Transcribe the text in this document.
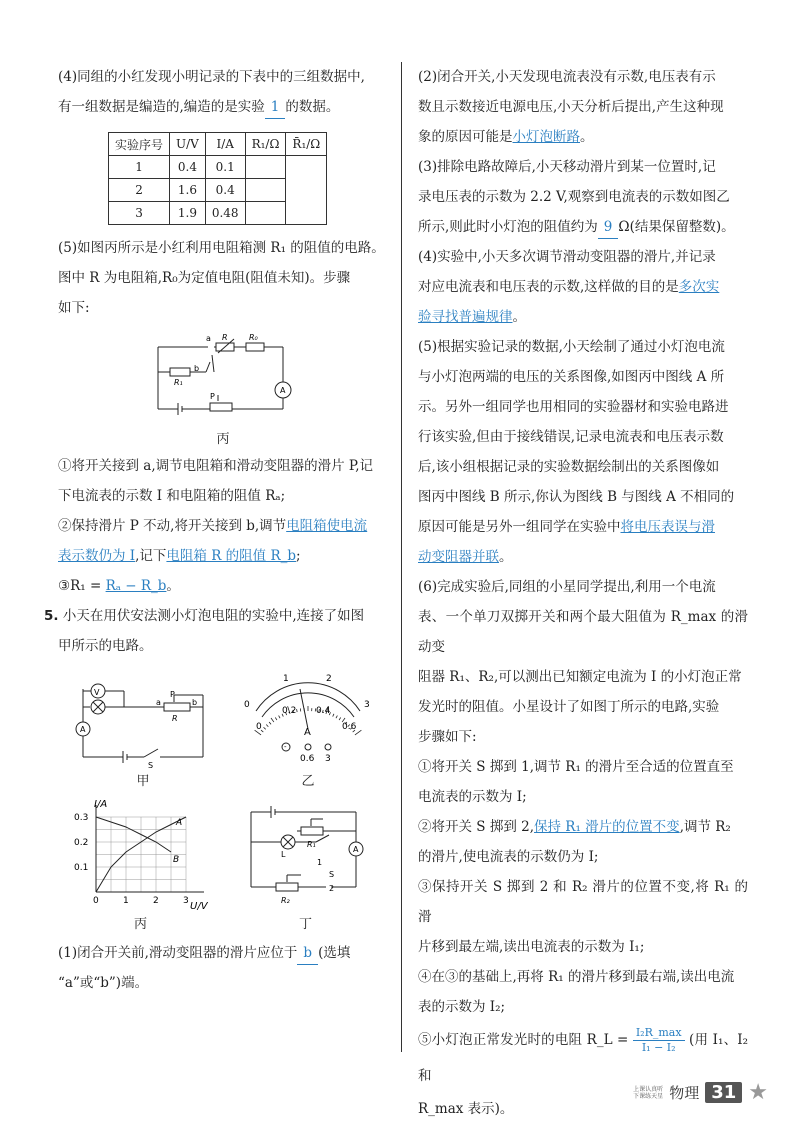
(4)同组的小红发现小明记录的下表中的三组数据中,

有一组数据是编造的,编造的是实验 1 的数据。

实验序号	U/V	I/A	R₁/Ω	R̄₁/Ω
1	0.4	0.1		
2	1.6	0.4		
3	1.9	0.48		

(5)如图丙所示是小红利用电阻箱测 R₁ 的阻值的电路。

图中 R 为电阻箱,R₀为定值电阻(阻值未知)。步骤

如下:

a
b
R	R₀
R₁
A
P
丙

①将开关接到 a,调节电阻箱和滑动变阻器的滑片 P,记

下电流表的示数 I 和电阻箱的阻值 Rₐ;

②保持滑片 P 不动,将开关接到 b,调节电阻箱使电流

表示数仍为 I,记下电阻箱 R 的阻值 R_b;

③R₁ = Rₐ − R_b。

5. 小天在用伏安法测小灯泡电阻的实验中,连接了如图

甲所示的电路。

V
A
a
P
b
R
S
甲
0
1	2
3
0
0.2 0.4
0.6
A
-
0.6 3
乙
I/A
U/V
0	1	2	3
0.1
0.2
0.3	A
B
丙
L
R₁
A
1
S
2
R₂
丁

(1)闭合开关前,滑动变阻器的滑片应位于 b (选填

“a”或“b”)端。

(2)闭合开关,小天发现电流表没有示数,电压表有示

数且示数接近电源电压,小天分析后提出,产生这种现

象的原因可能是小灯泡断路。

(3)排除电路故障后,小天移动滑片到某一位置时,记

录电压表的示数为 2.2 V,观察到电流表的示数如图乙

所示,则此时小灯泡的阻值约为 9 Ω(结果保留整数)。

(4)实验中,小天多次调节滑动变阻器的滑片,并记录

对应电流表和电压表的示数,这样做的目的是多次实

验寻找普遍规律。

(5)根据实验记录的数据,小天绘制了通过小灯泡电流

与小灯泡两端的电压的关系图像,如图丙中图线 A 所

示。另外一组同学也用相同的实验器材和实验电路进

行该实验,但由于接线错误,记录电流表和电压表示数

后,该小组根据记录的实验数据绘制出的关系图像如

图丙中图线 B 所示,你认为图线 B 与图线 A 不相同的

原因可能是另外一组同学在实验中将电压表误与滑

动变阻器并联。

(6)完成实验后,同组的小星同学提出,利用一个电流

表、一个单刀双掷开关和两个最大阻值为 R_max 的滑动变

阻器 R₁、R₂,可以测出已知额定电流为 I 的小灯泡正常

发光时的阻值。小星设计了如图丁所示的电路,实验

步骤如下:

①将开关 S 掷到 1,调节 R₁ 的滑片至合适的位置直至

电流表的示数为 I;

②将开关 S 掷到 2,保持 R₁ 滑片的位置不变,调节 R₂

的滑片,使电流表的示数仍为 I;

③保持开关 S 掷到 2 和 R₂ 滑片的位置不变,将 R₁ 的滑

片移到最左端,读出电流表的示数为 I₁;

④在③的基础上,再将 R₁ 的滑片移到最右端,读出电流

表的示数为 I₂;

⑤小灯泡正常发光时的电阻 R_L = $\frac{\text{I₂R\_max}}{\text{I₁ − I₂}}$ (用 I₁、I₂ 和

R_max 表示)。

上课认真听
下课练天星 物理 31 ★
